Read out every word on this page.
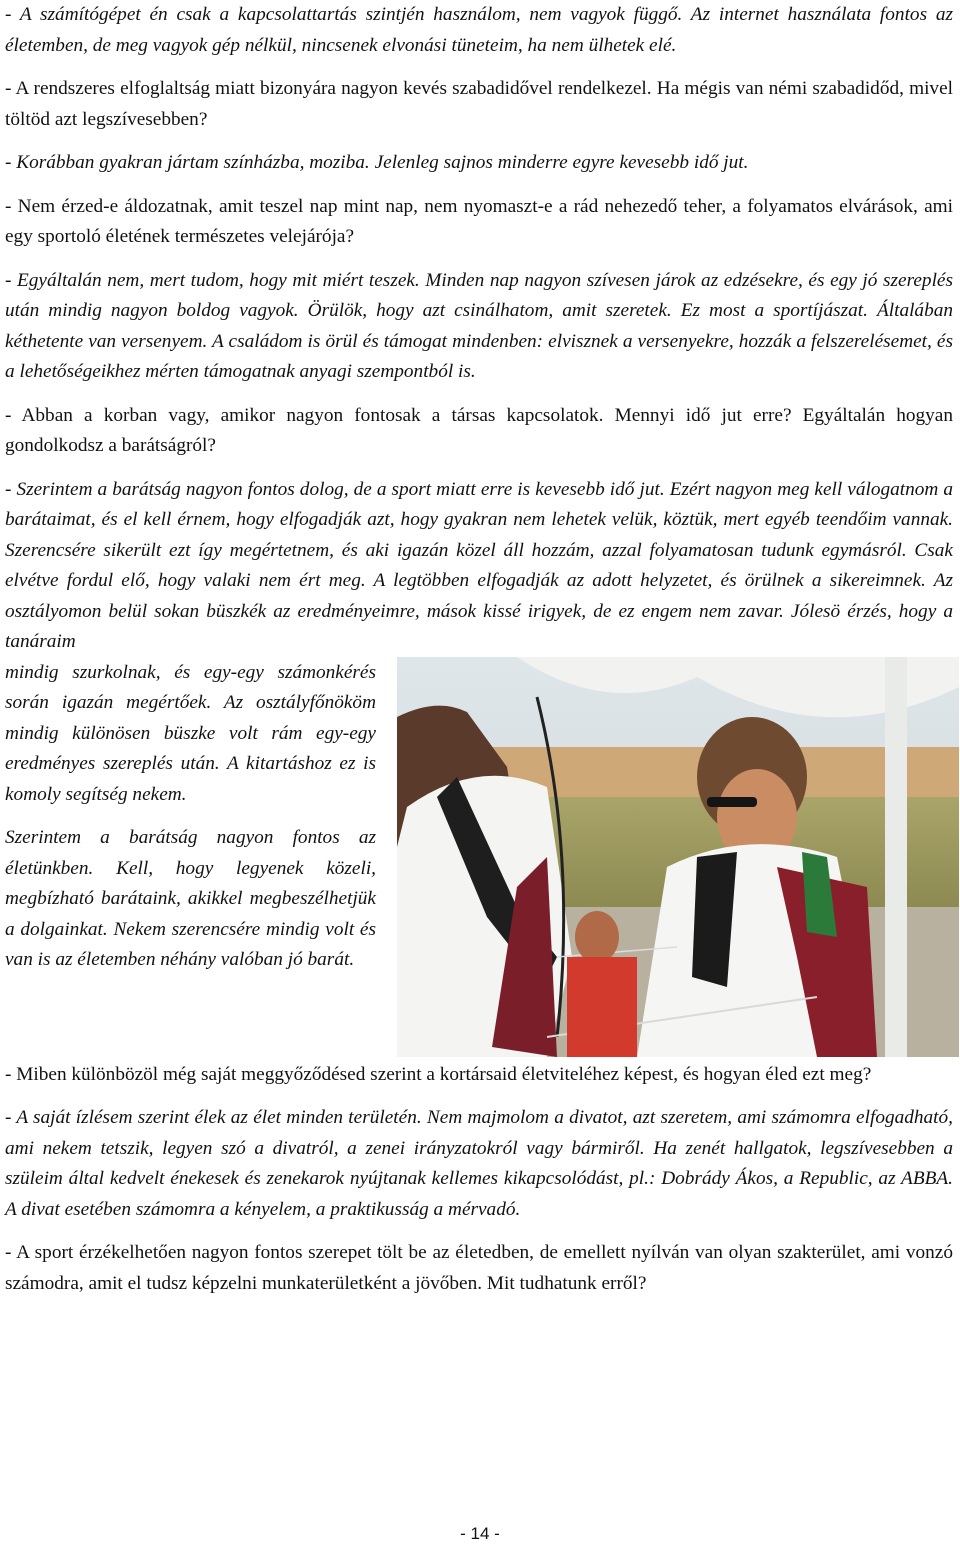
- A számítógépet én csak a kapcsolattartás szintjén használom, nem vagyok függő. Az internet használata fontos az életemben, de meg vagyok gép nélkül, nincsenek elvonási tüneteim, ha nem ülhetek elé.

- A rendszeres elfoglaltság miatt bizonyára nagyon kevés szabadidővel rendelkezel. Ha mégis van némi szabadidőd, mivel töltöd azt legszívesebben?

- Korábban gyakran jártam színházba, moziba. Jelenleg sajnos minderre egyre kevesebb idő jut.

- Nem érzed-e áldozatnak, amit teszel nap mint nap, nem nyomaszt-e a rád nehezedő teher, a folyamatos elvárások, ami egy sportoló életének természetes velejárója?

- Egyáltalán nem, mert tudom, hogy mit miért teszek. Minden nap nagyon szívesen járok az edzésekre, és egy jó szereplés után mindig nagyon boldog vagyok. Örülök, hogy azt csinálhatom, amit szeretek. Ez most a sportíjászat. Általában kéthetente van versenyem. A családom is örül és támogat mindenben: elvisznek a versenyekre, hozzák a felszerelésemet, és a lehetőségeikhez mérten támogatnak anyagi szempontból is.

- Abban a korban vagy, amikor nagyon fontosak a társas kapcsolatok. Mennyi idő jut erre? Egyáltalán hogyan gondolkodsz a barátságról?

- Szerintem a barátság nagyon fontos dolog, de a sport miatt erre is kevesebb idő jut. Ezért nagyon meg kell válogatnom a barátaimat, és el kell érnem, hogy elfogadják azt, hogy gyakran nem lehetek velük, köztük, mert egyéb teendőim vannak. Szerencsére sikerült ezt így megértetnem, és aki igazán közel áll hozzám, azzal folyamatosan tudunk egymásról. Csak elvétve fordul elő, hogy valaki nem ért meg. A legtöbben elfogadják az adott helyzetet, és örülnek a sikereimnek. Az osztályomon belül sokan büszkék az eredményeimre, mások kissé irigyek, de ez engem nem zavar. Jólesö érzés, hogy a tanáraim

mindig szurkolnak, és egy-egy számonkérés során igazán megértőek. Az osztályfőnököm mindig különösen büszke volt rám egy-egy eredményes szereplés után. A kitartáshoz ez is komoly segítség nekem.

Szerintem a barátság nagyon fontos az életünkben. Kell, hogy legyenek közeli, megbízható barátaink, akikkel megbeszélhetjük a dolgainkat. Nekem szerencsére mindig volt és van is az életemben néhány valóban jó barát.

- Miben különbözöl még saját meggyőződésed szerint a kortársaid életviteléhez képest, és hogyan éled ezt meg?

- A saját ízlésem szerint élek az élet minden területén. Nem majmolom a divatot, azt szeretem, ami számomra elfogadható, ami nekem tetszik, legyen szó a divatról, a zenei irányzatokról vagy bármiről. Ha zenét hallgatok, legszívesebben a szüleim által kedvelt énekesek és zenekarok nyújtanak kellemes kikapcsolódást, pl.: Dobrády Ákos, a Republic, az ABBA. A divat esetében számomra a kényelem, a praktikusság a mérvadó.

- A sport érzékelhetően nagyon fontos szerepet tölt be az életedben, de emellett nyílván van olyan szakterület, ami vonzó számodra, amit el tudsz képzelni munkaterületként a jövőben. Mit tudhatunk erről?

- 14 -
